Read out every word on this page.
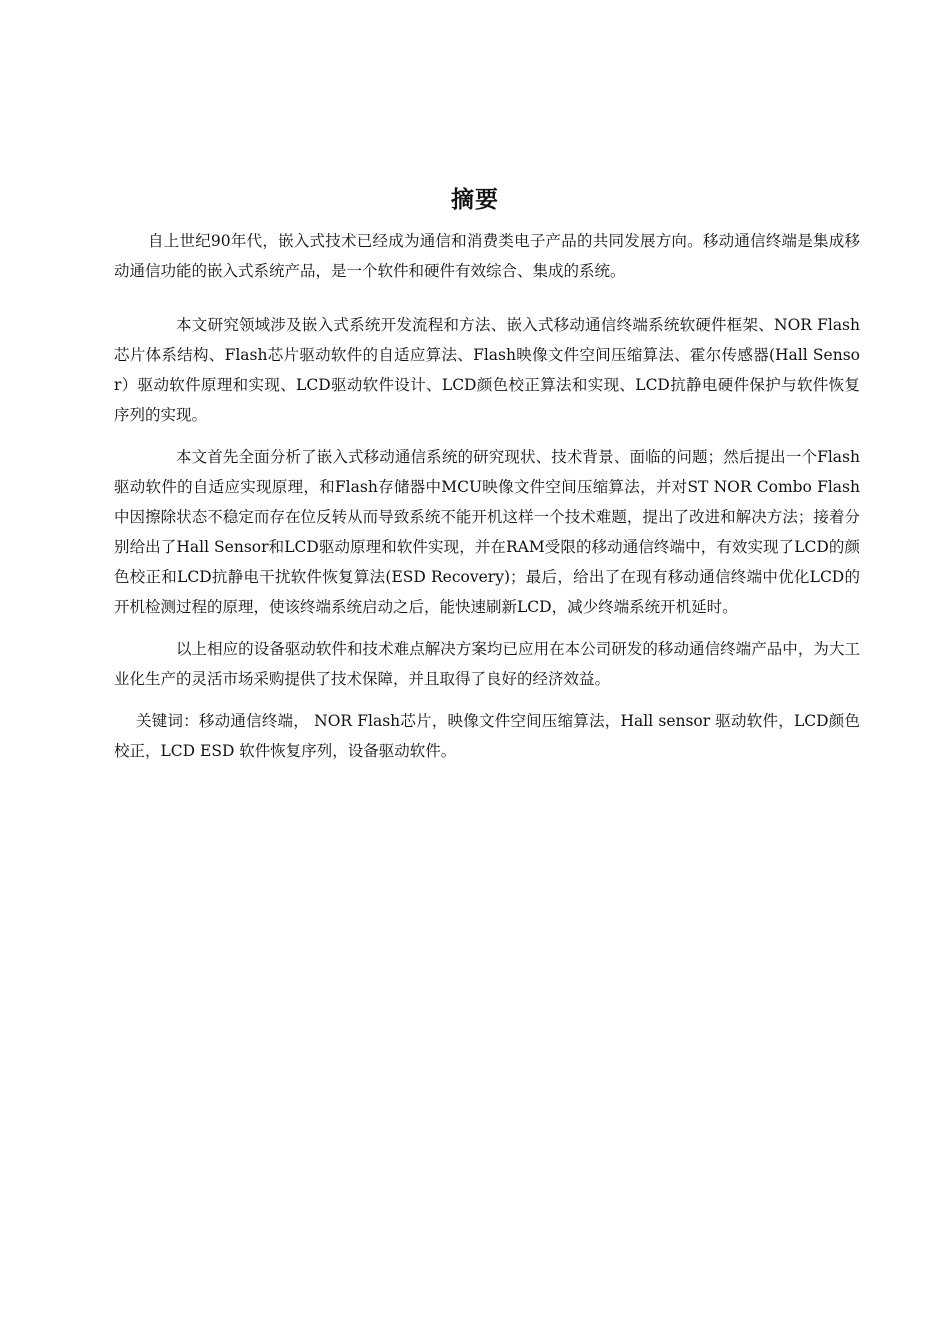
摘要

自上世纪90年代，嵌入式技术已经成为通信和消费类电子产品的共同发展方向。移动通信终端是集成移动通信功能的嵌入式系统产品，是一个软件和硬件有效综合、集成的系统。

本文研究领域涉及嵌入式系统开发流程和方法、嵌入式移动通信终端系统软硬件框架、NOR Flash芯片体系结构、Flash芯片驱动软件的自适应算法、Flash映像文件空间压缩算法、霍尔传感器(Hall Sensor）驱动软件原理和实现、LCD驱动软件设计、LCD颜色校正算法和实现、LCD抗静电硬件保护与软件恢复序列的实现。

本文首先全面分析了嵌入式移动通信系统的研究现状、技术背景、面临的问题；然后提出一个Flash驱动软件的自适应实现原理，和Flash存储器中MCU映像文件空间压缩算法，并对ST NOR Combo Flash 中因擦除状态不稳定而存在位反转从而导致系统不能开机这样一个技术难题，提出了改进和解决方法；接着分别给出了Hall Sensor和LCD驱动原理和软件实现，并在RAM受限的移动通信终端中，有效实现了LCD的颜色校正和LCD抗静电干扰软件恢复算法(ESD Recovery)；最后，给出了在现有移动通信终端中优化LCD的开机检测过程的原理，使该终端系统启动之后，能快速刷新LCD，减少终端系统开机延时。

以上相应的设备驱动软件和技术难点解决方案均已应用在本公司研发的移动通信终端产品中，为大工业化生产的灵活市场采购提供了技术保障，并且取得了良好的经济效益。

关键词：移动通信终端， NOR Flash芯片，映像文件空间压缩算法，Hall sensor 驱动软件，LCD颜色校正，LCD ESD 软件恢复序列，设备驱动软件。
